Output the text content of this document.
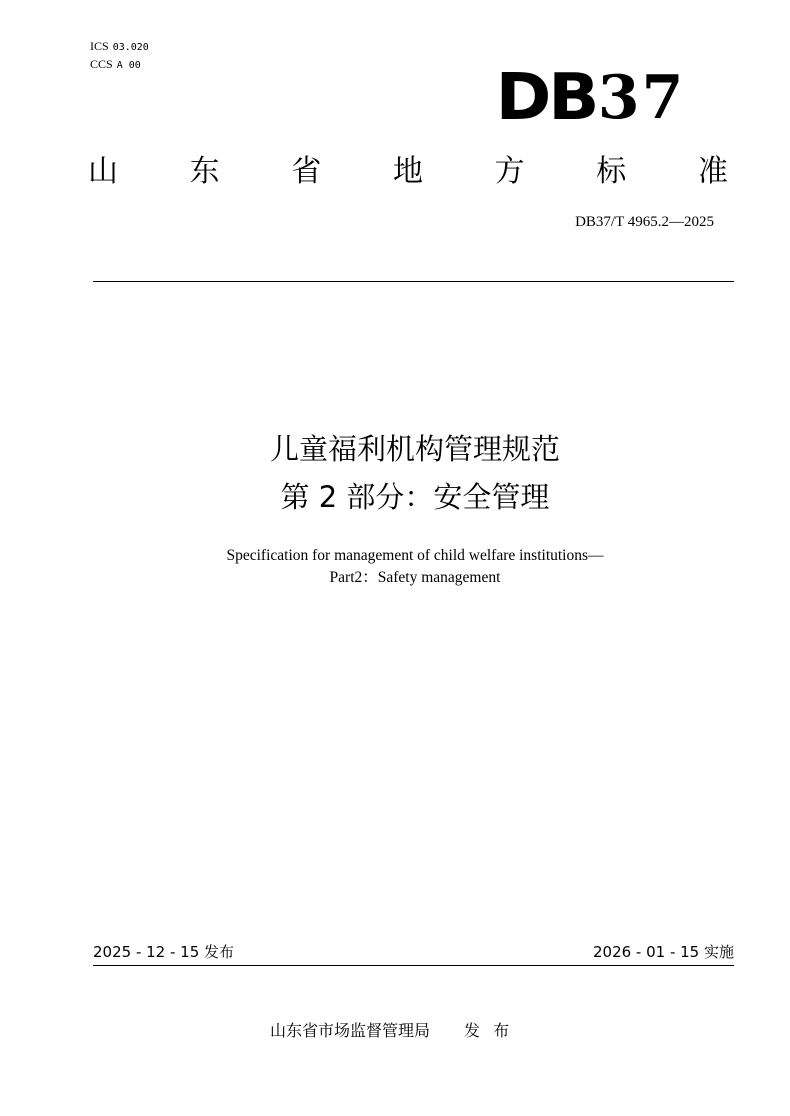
ICS 03.020
CCS A 00	DB 37
山 东 省 地 方 标 准
DB37/T 4965.2—2025
儿童福利机构管理规范
第 2 部分：安全管理
Specification for management of child welfare institutions—
Part2：Safety management
2025 - 12 - 15 发布	2026 - 01 - 15 实施
山东省市场监督管理局 发 布
